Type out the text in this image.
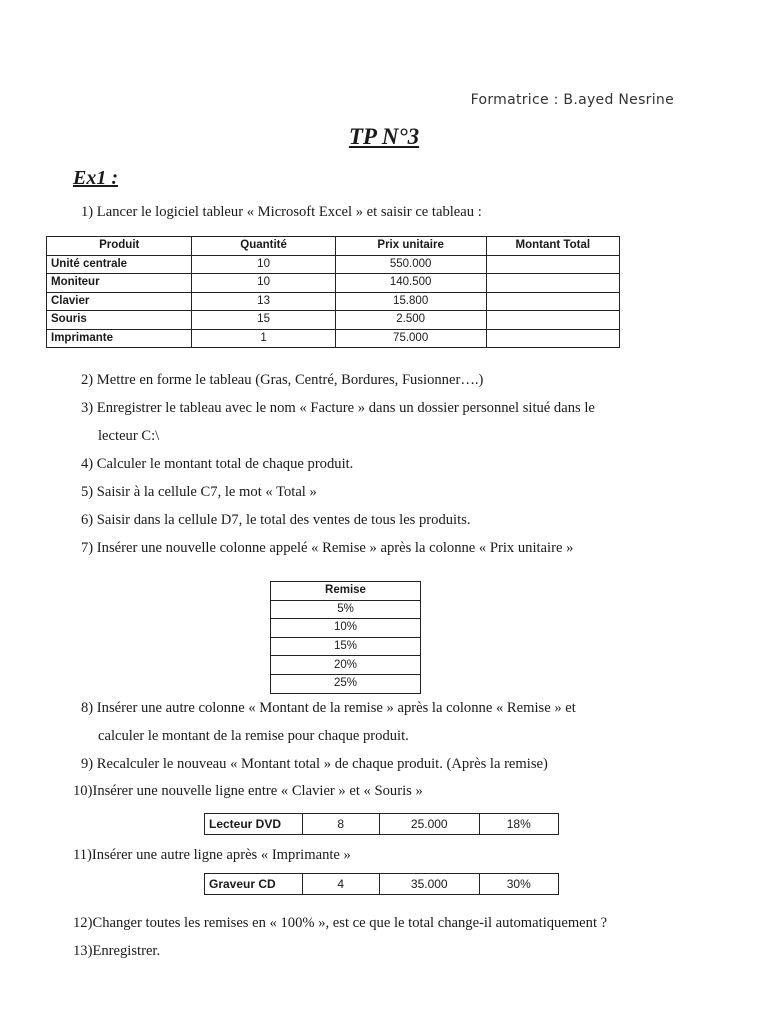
Formatrice : B.ayed Nesrine
TP N°3
Ex1 :
1) Lancer le logiciel tableur « Microsoft Excel » et saisir ce tableau :
Produit	Quantité	Prix unitaire	Montant Total
Unité centrale	10	550.000	
Moniteur	10	140.500	
Clavier	13	15.800	
Souris	15	2.500	
Imprimante	1	75.000	
2) Mettre en forme le tableau (Gras, Centré, Bordures, Fusionner….)
3) Enregistrer le tableau avec le nom « Facture » dans un dossier personnel situé dans le
lecteur C:\
4) Calculer le montant total de chaque produit.
5) Saisir à la cellule C7, le mot « Total »
6) Saisir dans la cellule D7, le total des ventes de tous les produits.
7) Insérer une nouvelle colonne appelé « Remise » après la colonne « Prix unitaire »
Remise
5%
10%
15%
20%
25%
8) Insérer une autre colonne « Montant de la remise » après la colonne « Remise » et
calculer le montant de la remise pour chaque produit.
9) Recalculer le nouveau « Montant total » de chaque produit. (Après la remise)
10)Insérer une nouvelle ligne entre « Clavier » et « Souris »
Lecteur DVD	8	25.000	18%
11)Insérer une autre ligne après « Imprimante »
Graveur CD	4	35.000	30%
12)Changer toutes les remises en « 100% », est ce que le total change-il automatiquement ?
13)Enregistrer.
